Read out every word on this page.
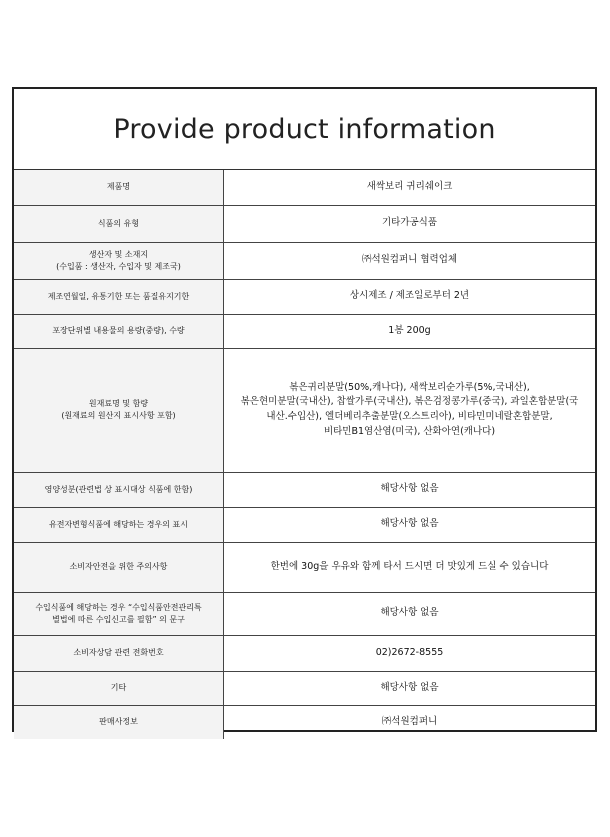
Provide product information
제품명	새싹보리 귀리쉐이크
식품의 유형	기타가공식품
생산자 및 소재지
(수입품 : 생산자, 수입자 및 제조국)	㈜석원컴퍼니 협력업체
제조연월일, 유통기한 또는 품질유지기한	상시제조 / 제조일로부터 2년
포장단위별 내용물의 용량(중량), 수량	1봉 200g
원재료명 및 함량
(원재료의 원산지 표시사항 포함)	볶은귀리분말(50%,캐나다), 새싹보리순가루(5%,국내산),
볶은현미분말(국내산), 찹쌀가루(국내산), 볶은검정콩가루(중국), 과일혼합분말(국
내산.수입산), 엘더베리추출분말(오스트리아), 비타민미네랄혼합분말,
비타민B1염산염(미국), 산화아연(캐나다)
영양성분(관련법 상 표시대상 식품에 한함)	해당사항 없음
유전자변형식품에 해당하는 경우의 표시	해당사항 없음
소비자안전을 위한 주의사항	한번에 30g을 우유와 함께 타서 드시면 더 맛있게 드실 수 있습니다
수입식품에 해당하는 경우 “수입식품안전관리특
별법에 따른 수입신고를 필함” 의 문구	해당사항 없음
소비자상담 관련 전화번호	02)2672-8555
기타	해당사항 없음
판매사정보	㈜석원컴퍼니
